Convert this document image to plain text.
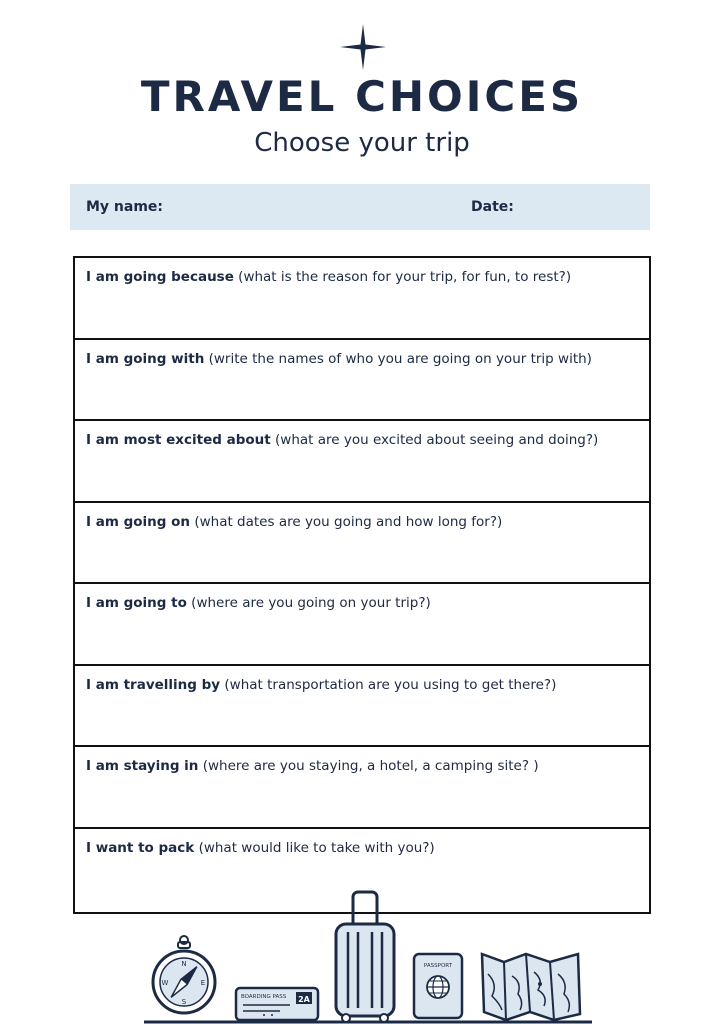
TRAVEL CHOICES
Choose your trip
My name:	Date:
I am going because (what is the reason for your trip, for fun, to rest?)
I am going with (write the names of who you are going on your trip with)
I am most excited about (what are you excited about seeing and doing?)
I am going on (what dates are you going and how long for?)
I am going to (where are you going on your trip?)
I am travelling by (what transportation are you using to get there?)
I am staying in (where are you staying, a hotel, a camping site? )
I want to pack (what would like to take with you?)
N
E
S
W
BOARDING PASS 2A
PASSPORT
